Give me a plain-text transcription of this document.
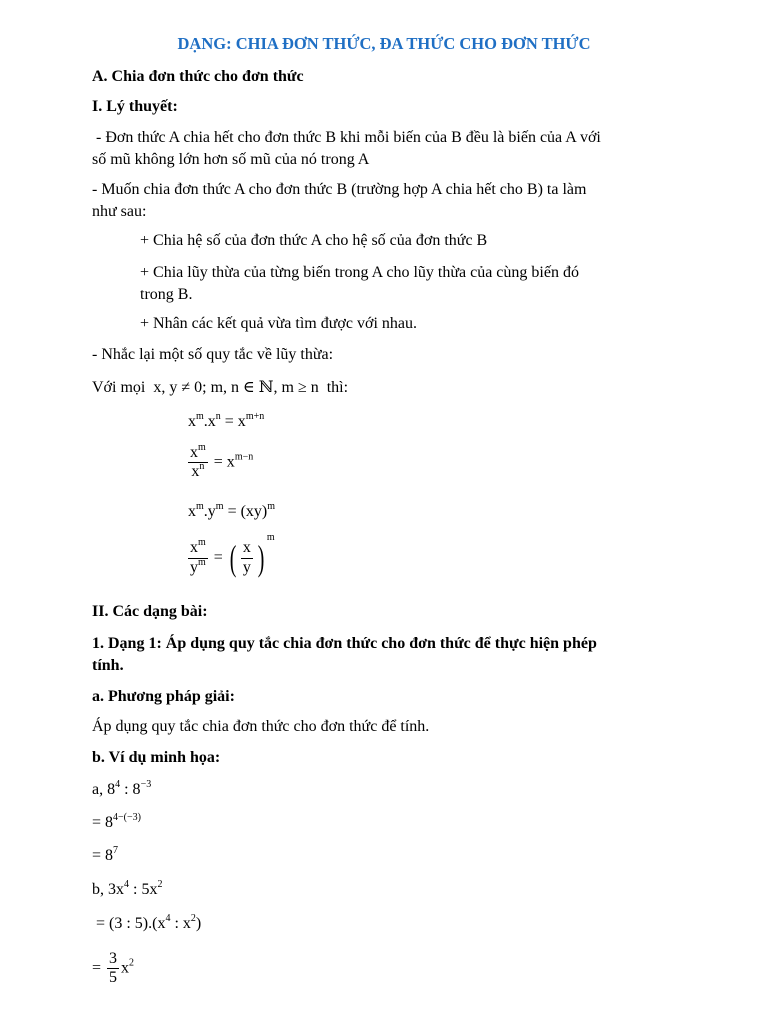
DẠNG: CHIA ĐƠN THỨC, ĐA THỨC CHO ĐƠN THỨC
A. Chia đơn thức cho đơn thức
I. Lý thuyết:
- Đơn thức A chia hết cho đơn thức B khi mỗi biến của B đều là biến của A với
số mũ không lớn hơn số mũ của nó trong A
- Muốn chia đơn thức A cho đơn thức B (trường hợp A chia hết cho B) ta làm
như sau:
+ Chia hệ số của đơn thức A cho hệ số của đơn thức B
+ Chia lũy thừa của từng biến trong A cho lũy thừa của cùng biến đó
trong B.
+ Nhân các kết quả vừa tìm được với nhau.
- Nhắc lại một số quy tắc về lũy thừa:
Với mọi x, y ≠ 0; m, n ∈ ℕ, m ≥ n thì:
$x^m.x^n = x^{m+n}$
$\frac{x^m}{x^n} = x^{m-n}$
$x^m.y^m = (xy)^m$
$\frac{x^m}{y^m}$ = ( $\frac{x}{y} )^m$
II. Các dạng bài:
1. Dạng 1: Áp dụng quy tắc chia đơn thức cho đơn thức để thực hiện phép
tính.
a. Phương pháp giải:
Áp dụng quy tắc chia đơn thức cho đơn thức để tính.
b. Ví dụ minh họa:
a, $8^4$ : $8^{-3}$
= $8^{4-(-3)}$
= $8^7$
b, $3x^4$ : $5x^2$
= (3 : $5).(x^4$ : $x^2$)
= $\frac{3}{5} x^2$
